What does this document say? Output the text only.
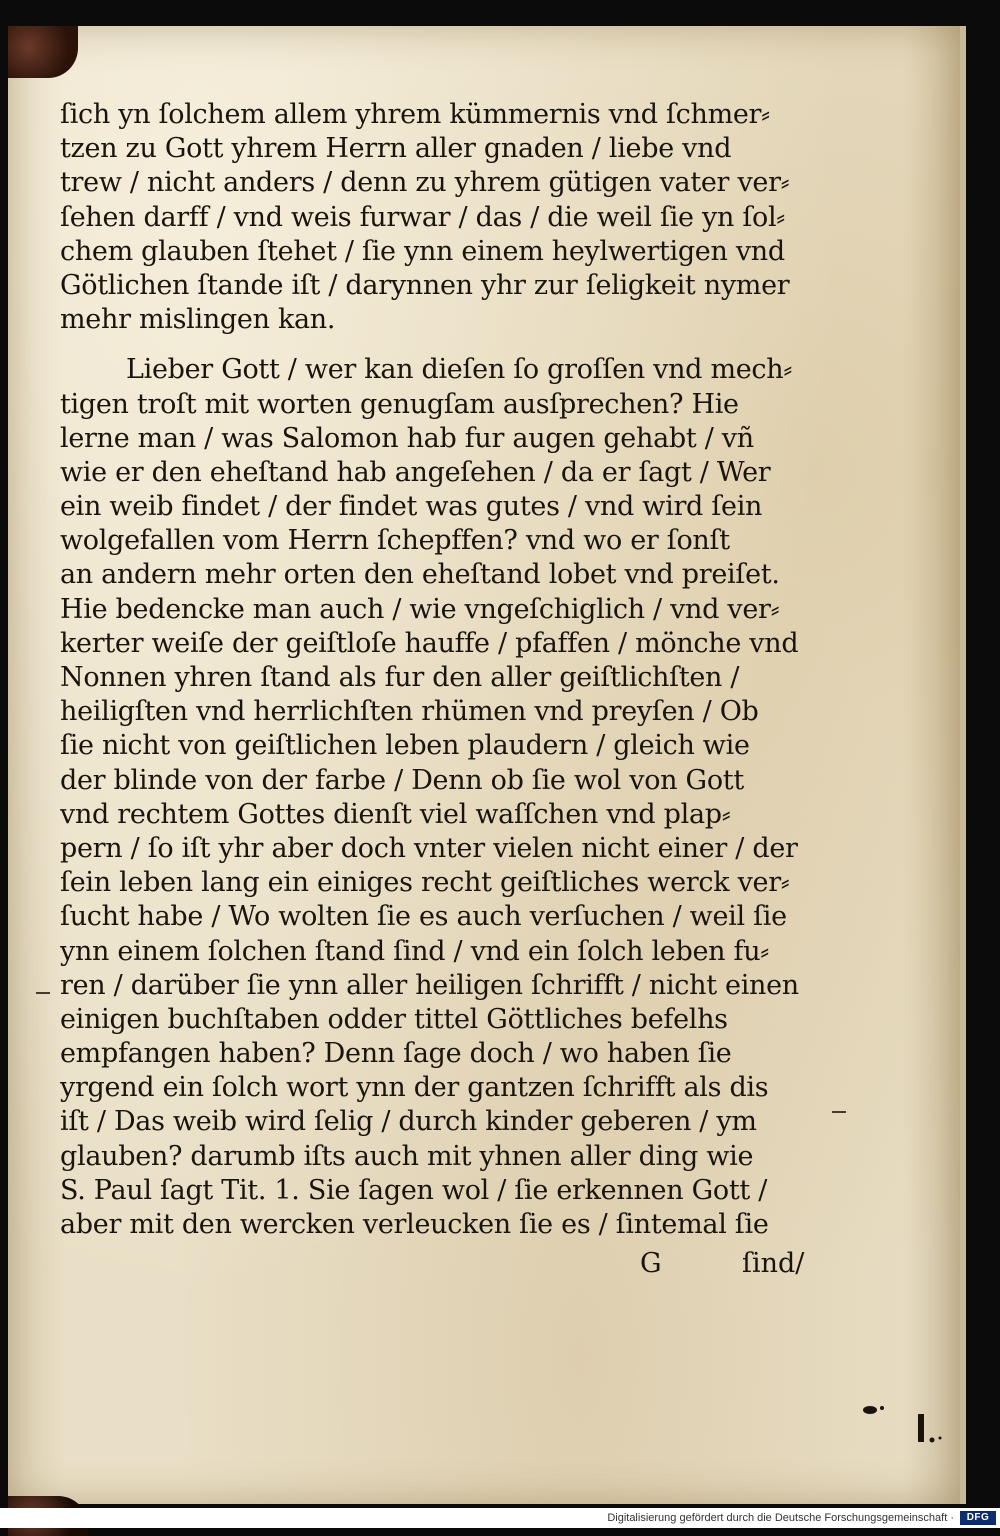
ſich yn ſolchem allem yhrem kümmernis vnd ſchmer⸗
tzen zu Gott yhrem Herrn aller gnaden / liebe vnd
trew / nicht anders / denn zu yhrem gütigen vater ver⸗
ſehen darff / vnd weis furwar / das / die weil ſie yn ſol⸗
chem glauben ſtehet / ſie ynn einem heylwertigen vnd
Götlichen ſtande iſt / darynnen yhr zur ſeligkeit nymer
mehr mislingen kan.
Lieber Gott / wer kan dieſen ſo groſſen vnd mech⸗
tigen troſt mit worten genugſam ausſprechen? Hie
lerne man / was Salomon hab fur augen gehabt / vñ
wie er den eheſtand hab angeſehen / da er ſagt / Wer
ein weib findet / der findet was gutes / vnd wird ſein
wolgefallen vom Herrn ſchepffen? vnd wo er ſonſt
an andern mehr orten den eheſtand lobet vnd preiſet.
Hie bedencke man auch / wie vngeſchiglich / vnd ver⸗
kerter weiſe der geiſtloſe hauffe / pfaffen / mönche vnd
Nonnen yhren ſtand als fur den aller geiſtlichſten /
heiligſten vnd herrlichſten rhümen vnd preyſen / Ob
ſie nicht von geiſtlichen leben plaudern / gleich wie
der blinde von der farbe / Denn ob ſie wol von Gott
vnd rechtem Gottes dienſt viel waſſchen vnd plap⸗
pern / ſo iſt yhr aber doch vnter vielen nicht einer / der
ſein leben lang ein einiges recht geiſtliches werck ver⸗
ſucht habe / Wo wolten ſie es auch verſuchen / weil ſie
ynn einem ſolchen ſtand ſind / vnd ein ſolch leben fu⸗
ren / darüber ſie ynn aller heiligen ſchrifft / nicht einen
einigen buchſtaben odder tittel Göttliches befelhs
empfangen haben? Denn ſage doch / wo haben ſie
yrgend ein ſolch wort ynn der gantzen ſchrifft als dis
iſt / Das weib wird ſelig / durch kinder geberen / ym
glauben? darumb iſts auch mit yhnen aller ding wie
S. Paul ſagt Tit. 1. Sie ſagen wol / ſie erkennen Gott /
aber mit den wercken verleucken ſie es / ſintemal ſie
G	ſind/
Digitalisierung gefördert durch die Deutsche Forschungsgemeinschaft ·	DFG
